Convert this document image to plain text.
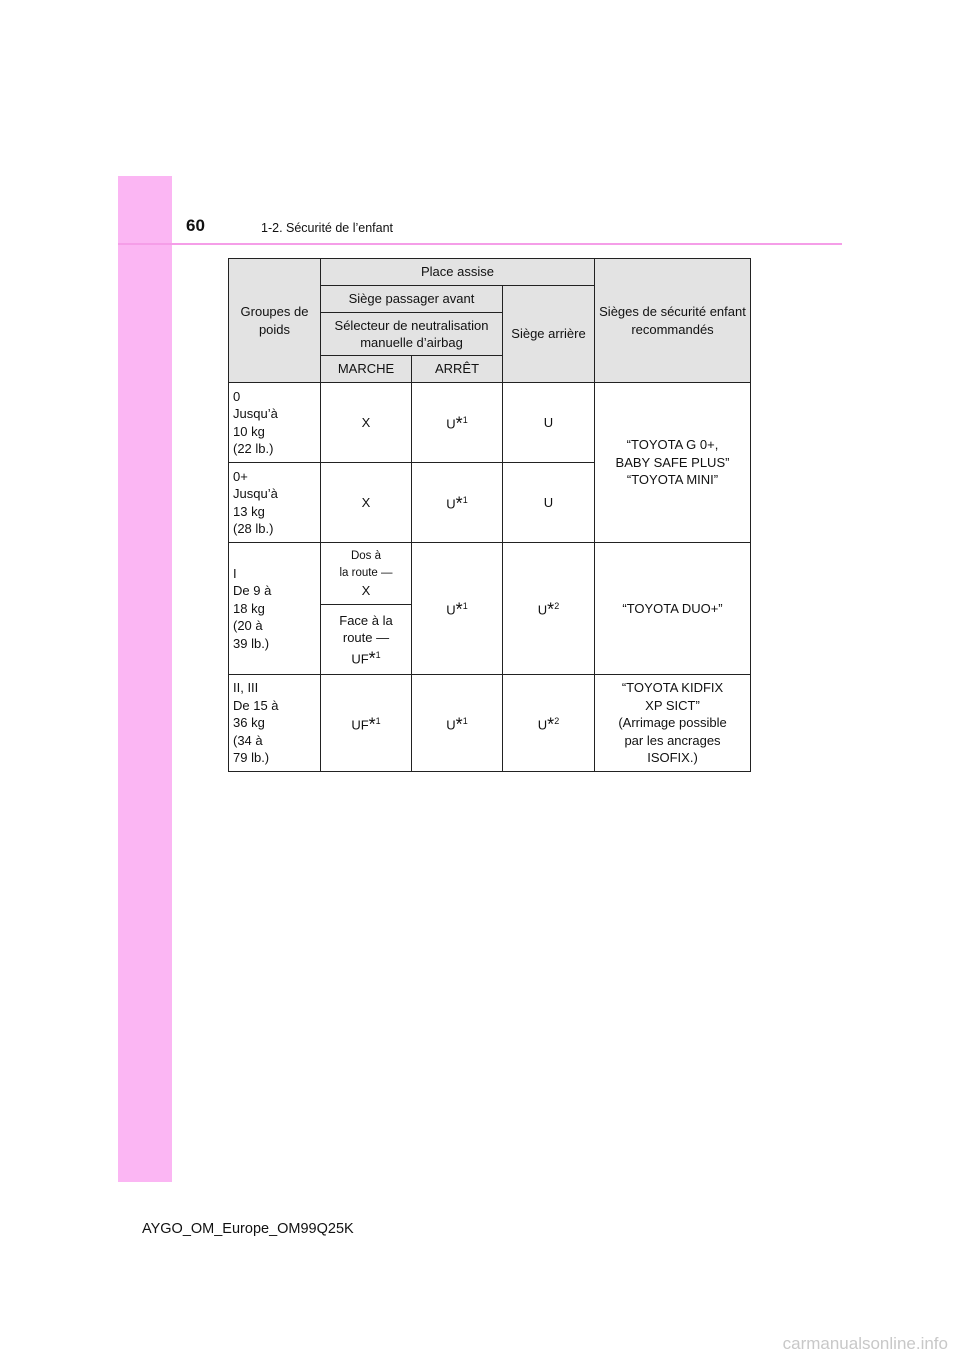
60	1-2. Sécurité de l’enfant
Groupes de poids	Place assise			Sièges de sécurité enfant recommandés
	Siège passager avant		Siège arrière	
	Sélecteur de neutralisation manuelle d’airbag			
	MARCHE	ARRÊT		

0
Jusqu’à
10 kg
(22 lb.)	X	U*$^1$	U	“TOYOTA G 0+,
BABY SAFE PLUS”
“TOYOTA MINI”

0+
Jusqu’à
13 kg
(28 lb.)	X	U*$^1$	U	

I
De 9 à
18 kg
(20 à
39 lb.)	Dos à
la route —
X	U*$^1$	U*$^2$	“TOYOTA DUO+”

	Face à la
route —
UF*$^1$

II, III
De 15 à
36 kg
(34 à
79 lb.)	UF*$^1$	U*$^1$	U*$^2$	“TOYOTA KIDFIX
XP SICT”
(Arrimage possible
par les ancrages
ISOFIX.)
AYGO_OM_Europe_OM99Q25K
carmanualsonline.info
